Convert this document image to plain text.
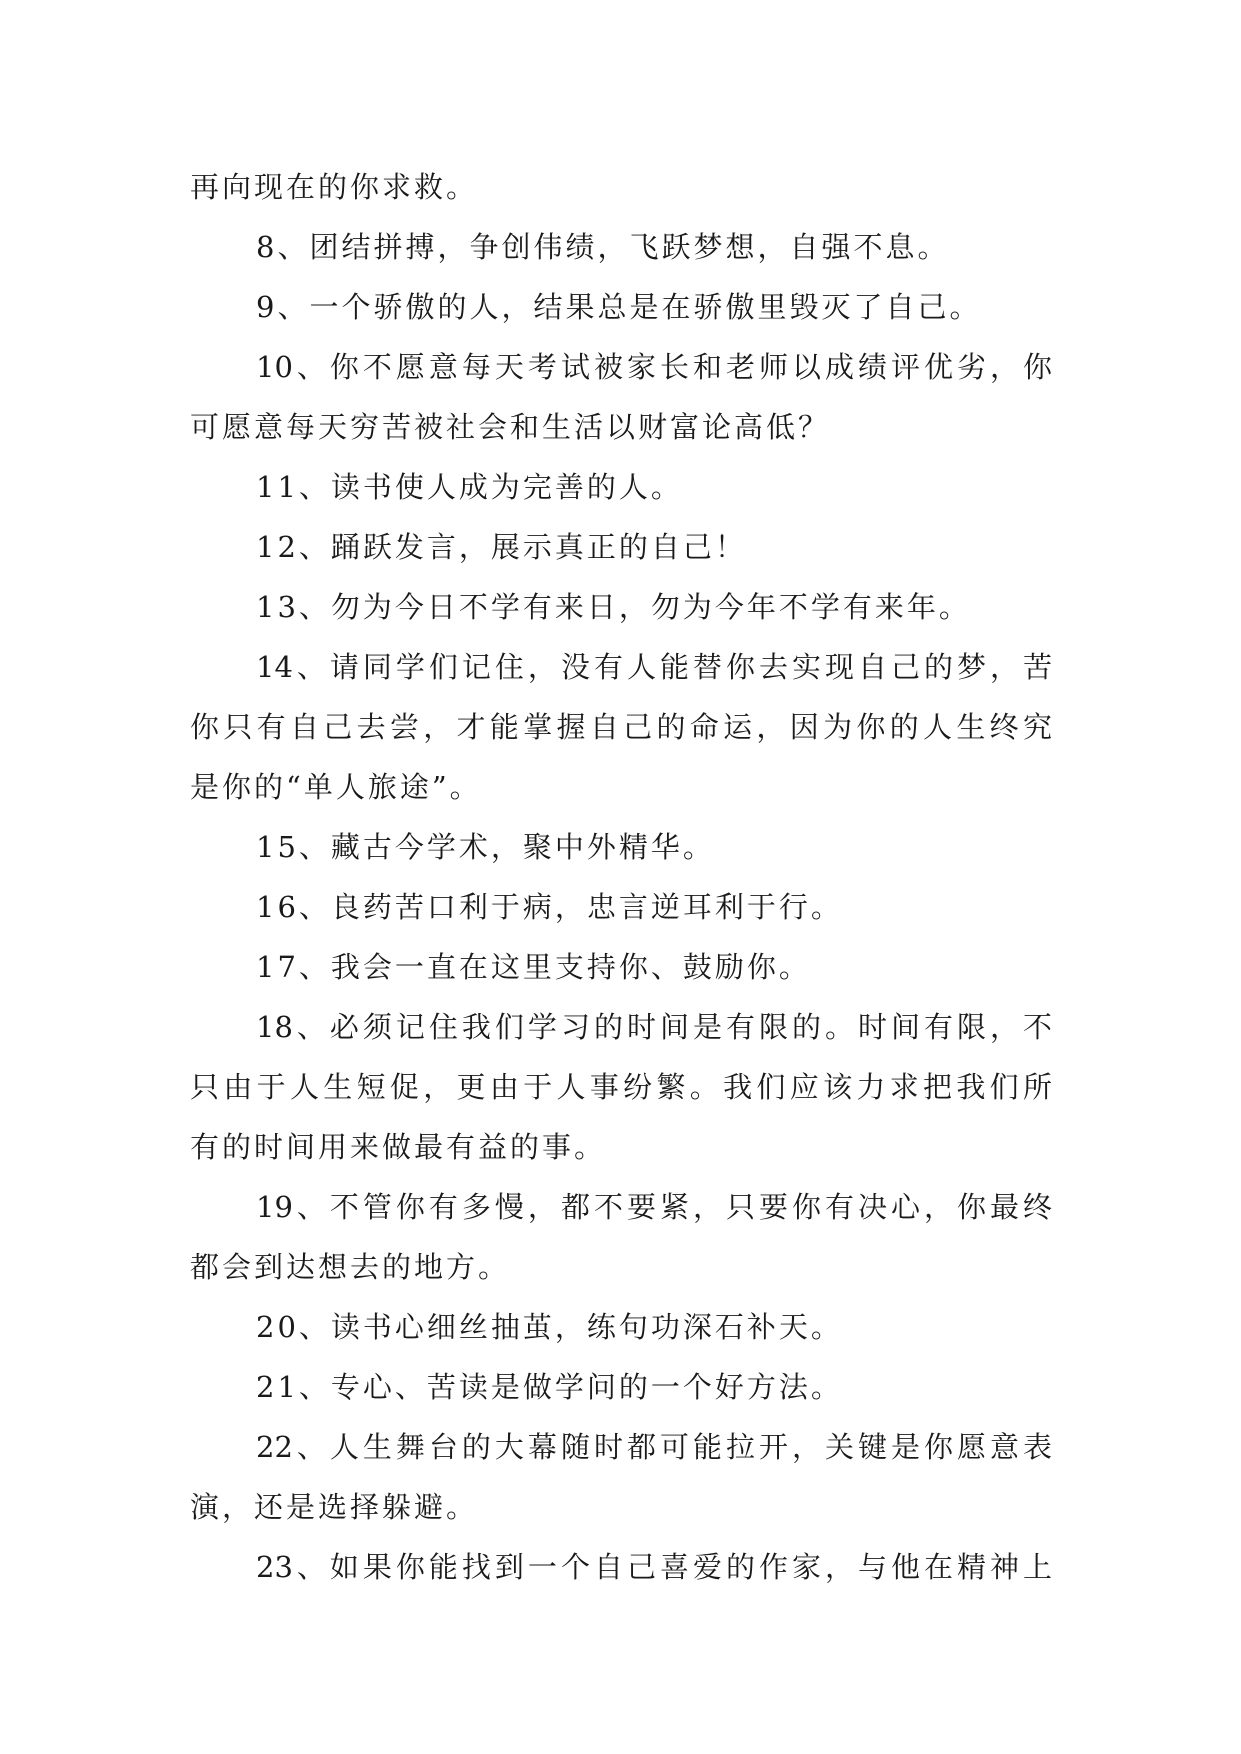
再向现在的你求救。
8、团结拼搏，争创伟绩，飞跃梦想，自强不息。
9、一个骄傲的人，结果总是在骄傲里毁灭了自己。
10、你不愿意每天考试被家长和老师以成绩评优劣，你
可愿意每天穷苦被社会和生活以财富论高低？
11、读书使人成为完善的人。
12、踊跃发言，展示真正的自己！
13、勿为今日不学有来日，勿为今年不学有来年。
14、请同学们记住，没有人能替你去实现自己的梦，苦
你只有自己去尝，才能掌握自己的命运，因为你的人生终究
是你的“单人旅途”。
15、藏古今学术，聚中外精华。
16、良药苦口利于病，忠言逆耳利于行。
17、我会一直在这里支持你、鼓励你。
18、必须记住我们学习的时间是有限的。时间有限，不
只由于人生短促，更由于人事纷繁。我们应该力求把我们所
有的时间用来做最有益的事。
19、不管你有多慢，都不要紧，只要你有决心，你最终
都会到达想去的地方。
20、读书心细丝抽茧，练句功深石补天。
21、专心、苦读是做学问的一个好方法。
22、人生舞台的大幕随时都可能拉开，关键是你愿意表
演，还是选择躲避。
23、如果你能找到一个自己喜爱的作家，与他在精神上
